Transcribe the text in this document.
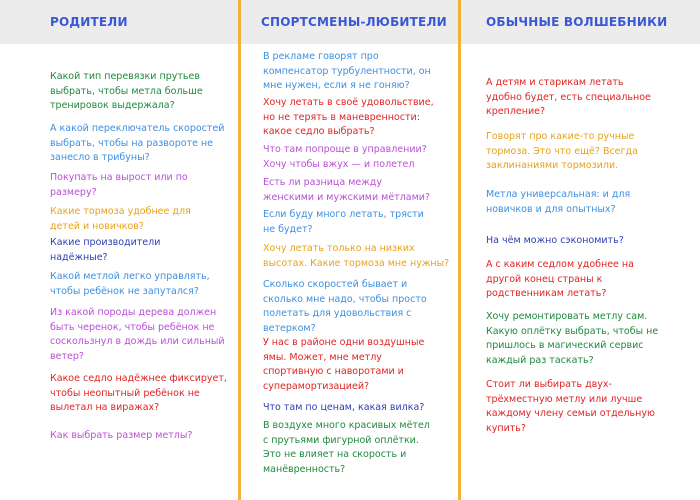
РОДИТЕЛИ	СПОРТСМЕНЫ-ЛЮБИТЕЛИ	ОБЫЧНЫЕ ВОЛШЕБНИКИ

Какой тип перевязки прутьев выбрать, чтобы метла больше тренировок выдержала?

А какой переключатель скоростей выбрать, чтобы на развороте не занесло в трибуны?

Покупать на вырост или по размеру?

Какие тормоза удобнее для детей и новичков?

Какие производители надёжные?

Какой метлой легко управлять, чтобы ребёнок не запутался?

Из какой породы дерева должен быть черенок, чтобы ребёнок не соскользнул в дождь или сильный ветер?

Какое седло надёжнее фиксирует, чтобы неопытный ребёнок не вылетал на виражах?

Как выбрать размер метлы?

В рекламе говорят про компенсатор турбулентности, он мне нужен, если я не гоняю?

Хочу летать в своё удовольствие, но не терять в маневренности: какое седло выбрать?

Что там попроще в управлении? Хочу чтобы вжух — и полетел

Есть ли разница между женскими и мужскими мётлами?

Если буду много летать, трясти не будет?

Хочу летать только на низких высотах. Какие тормоза мне нужны?

Сколько скоростей бывает и сколько мне надо, чтобы просто полетать для удовольствия с ветерком?

У нас в районе одни воздушные ямы. Может, мне метлу спортивную с наворотами и супeрамортизацией?

Что там по ценам, какая вилка?

В воздухе много красивых мётел с прутьями фигурной оплётки. Это не влияет на скорость и манёвренность?

А детям и старикам летать удобно будет, есть специальное крепление?

Говорят про какие-то ручные тормоза. Это что ещё? Всегда заклинаниями тормозили.

Метла универсальная: и для новичков и для опытных?

На чём можно сэкономить?

А с каким седлом удобнее на другой конец страны к родственникам летать?

Хочу ремонтировать метлу сам. Какую оплётку выбрать, чтобы не пришлось в магический сервис каждый раз таскать?

Стоит ли выбирать двух-трёхместную метлу или лучше каждому члену семьи отдельную купить?
